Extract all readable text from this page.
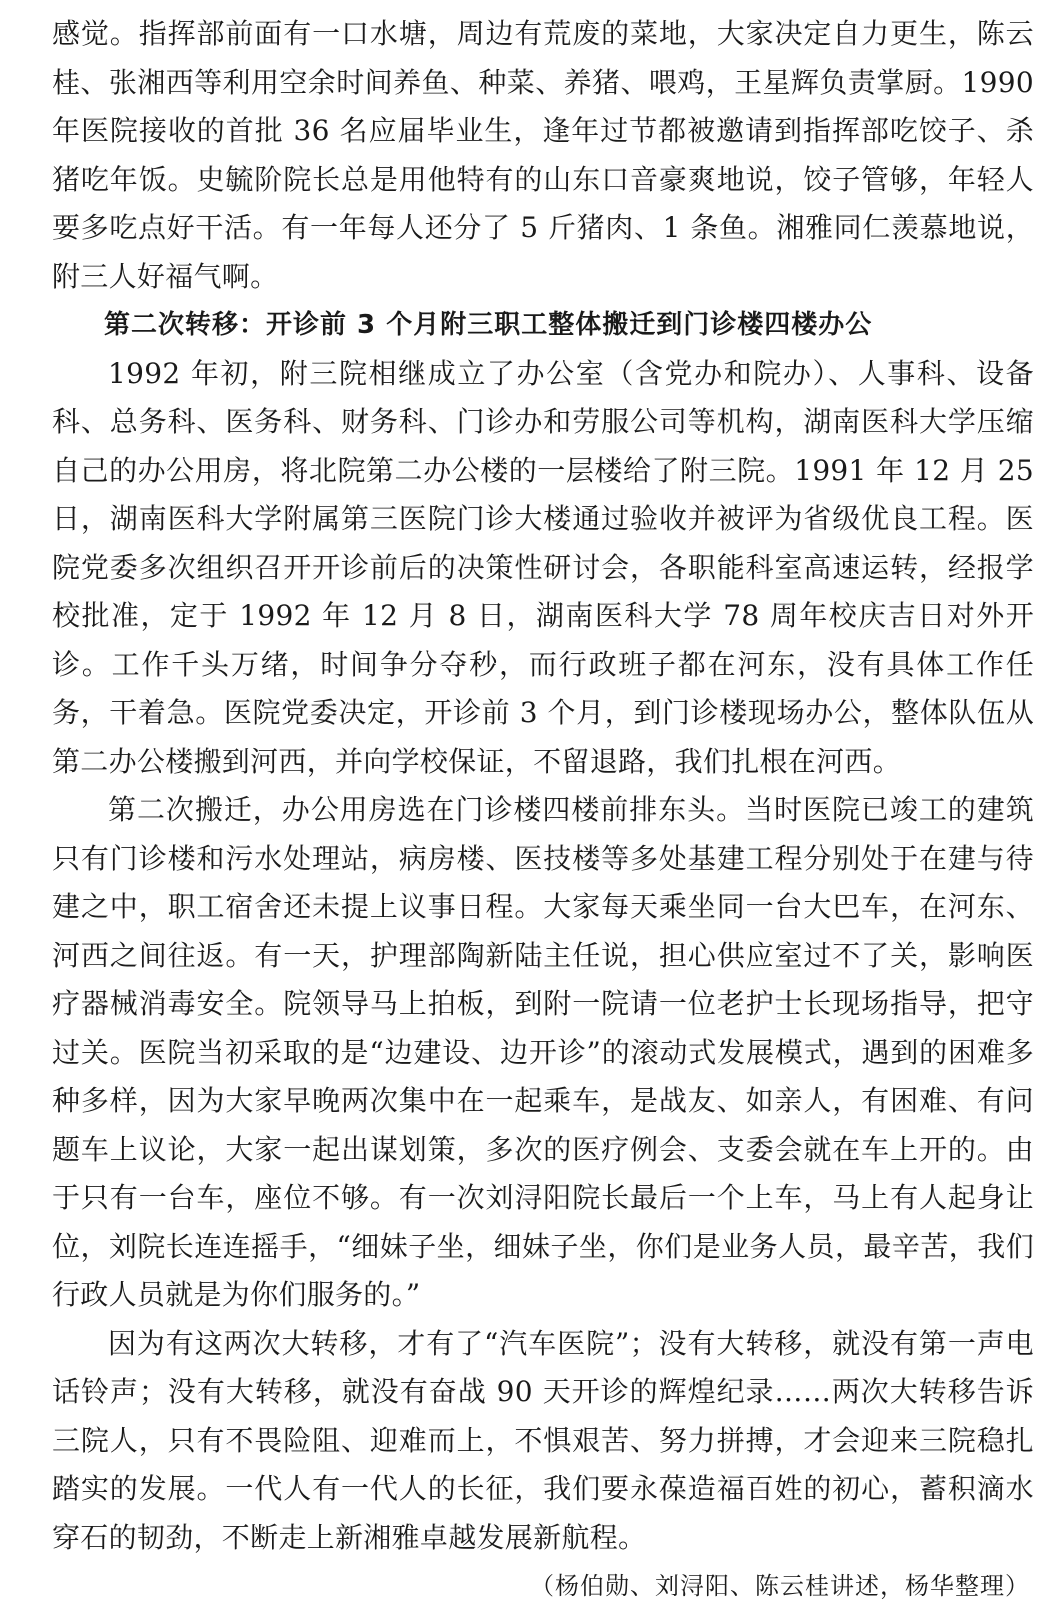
感觉。指挥部前面有一口水塘，周边有荒废的菜地，大家决定自力更生，陈云桂、张湘西等利用空余时间养鱼、种菜、养猪、喂鸡，王星辉负责掌厨。1990 年医院接收的首批 36 名应届毕业生，逢年过节都被邀请到指挥部吃饺子、杀猪吃年饭。史毓阶院长总是用他特有的山东口音豪爽地说，饺子管够，年轻人要多吃点好干活。有一年每人还分了 5 斤猪肉、1 条鱼。湘雅同仁羡慕地说，附三人好福气啊。

第二次转移：开诊前 3 个月附三职工整体搬迁到门诊楼四楼办公

1992 年初，附三院相继成立了办公室（含党办和院办）、人事科、设备科、总务科、医务科、财务科、门诊办和劳服公司等机构，湖南医科大学压缩自己的办公用房，将北院第二办公楼的一层楼给了附三院。1991 年 12 月 25 日，湖南医科大学附属第三医院门诊大楼通过验收并被评为省级优良工程。医院党委多次组织召开开诊前后的决策性研讨会，各职能科室高速运转，经报学校批准，定于 1992 年 12 月 8 日，湖南医科大学 78 周年校庆吉日对外开诊。工作千头万绪，时间争分夺秒，而行政班子都在河东，没有具体工作任务，干着急。医院党委决定，开诊前 3 个月，到门诊楼现场办公，整体队伍从第二办公楼搬到河西，并向学校保证，不留退路，我们扎根在河西。

第二次搬迁，办公用房选在门诊楼四楼前排东头。当时医院已竣工的建筑只有门诊楼和污水处理站，病房楼、医技楼等多处基建工程分别处于在建与待建之中，职工宿舍还未提上议事日程。大家每天乘坐同一台大巴车，在河东、河西之间往返。有一天，护理部陶新陆主任说，担心供应室过不了关，影响医疗器械消毒安全。院领导马上拍板，到附一院请一位老护士长现场指导，把守过关。医院当初采取的是“边建设、边开诊”的滚动式发展模式，遇到的困难多种多样，因为大家早晚两次集中在一起乘车，是战友、如亲人，有困难、有问题车上议论，大家一起出谋划策，多次的医疗例会、支委会就在车上开的。由于只有一台车，座位不够。有一次刘浔阳院长最后一个上车，马上有人起身让位，刘院长连连摇手，“细妹子坐，细妹子坐，你们是业务人员，最辛苦，我们行政人员就是为你们服务的。”

因为有这两次大转移，才有了“汽车医院”；没有大转移，就没有第一声电话铃声；没有大转移，就没有奋战 90 天开诊的辉煌纪录……两次大转移告诉三院人，只有不畏险阻、迎难而上，不惧艰苦、努力拼搏，才会迎来三院稳扎踏实的发展。一代人有一代人的长征，我们要永葆造福百姓的初心，蓄积滴水穿石的韧劲，不断走上新湘雅卓越发展新航程。

（杨伯勋、刘浔阳、陈云桂讲述，杨华整理）
